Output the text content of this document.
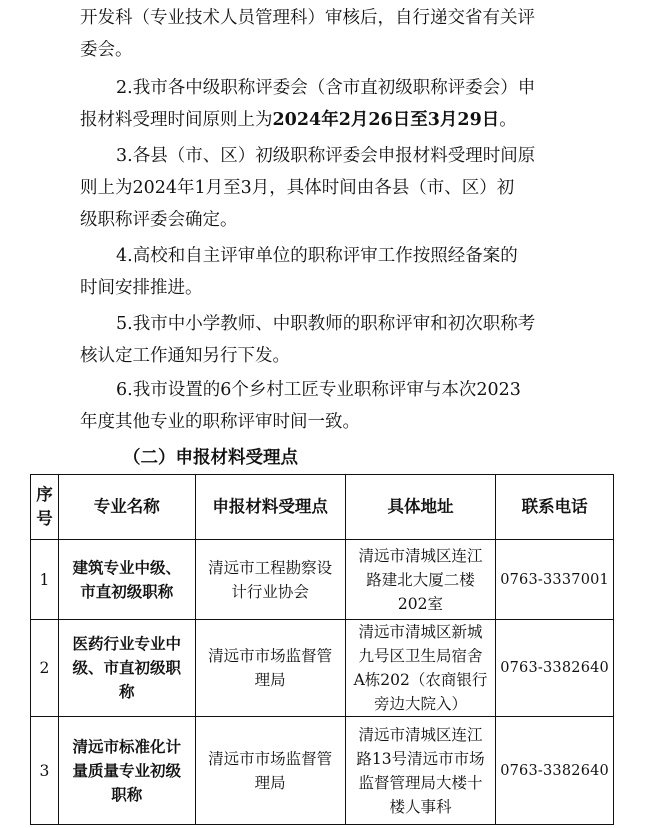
开发科（专业技术人员管理科）审核后，自行递交省有关评
委会。
2.我市各中级职称评委会（含市直初级职称评委会）申
报材料受理时间原则上为2024年2月26日至3月29日。
3.各县（市、区）初级职称评委会申报材料受理时间原
则上为2024年1月至3月，具体时间由各县（市、区）初
级职称评委会确定。
4.高校和自主评审单位的职称评审工作按照经备案的
时间安排推进。
5.我市中小学教师、中职教师的职称评审和初次职称考
核认定工作通知另行下发。
6.我市设置的6个乡村工匠专业职称评审与本次2023
年度其他专业的职称评审时间一致。
（二）申报材料受理点
序
号	专业名称	申报材料受理点	具体地址	联系电话
1	建筑专业中级、
市直初级职称	清远市工程勘察设
计行业协会	清远市清城区连江
路建北大厦二楼
202室	0763-3337001
2	医药行业专业中
级、市直初级职
称	清远市市场监督管
理局	清远市清城区新城
九号区卫生局宿舍
A栋202（农商银行
旁边大院入）	0763-3382640
3	清远市标准化计
量质量专业初级
职称	清远市市场监督管
理局	清远市清城区连江
路13号清远市市场
监督管理局大楼十
楼人事科	0763-3382640
